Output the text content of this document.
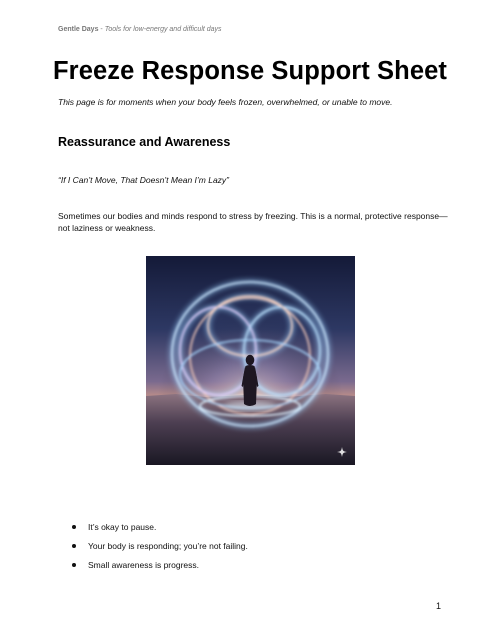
Gentle Days - Tools for low-energy and difficult days
Freeze Response Support Sheet
This page is for moments when your body feels frozen, overwhelmed, or unable to move.
Reassurance and Awareness
“If I Can’t Move, That Doesn’t Mean I’m Lazy”
Sometimes our bodies and minds respond to stress by freezing. This is a normal, protective response—not laziness or weakness.
It’s okay to pause.
Your body is responding; you’re not failing.
Small awareness is progress.
1
